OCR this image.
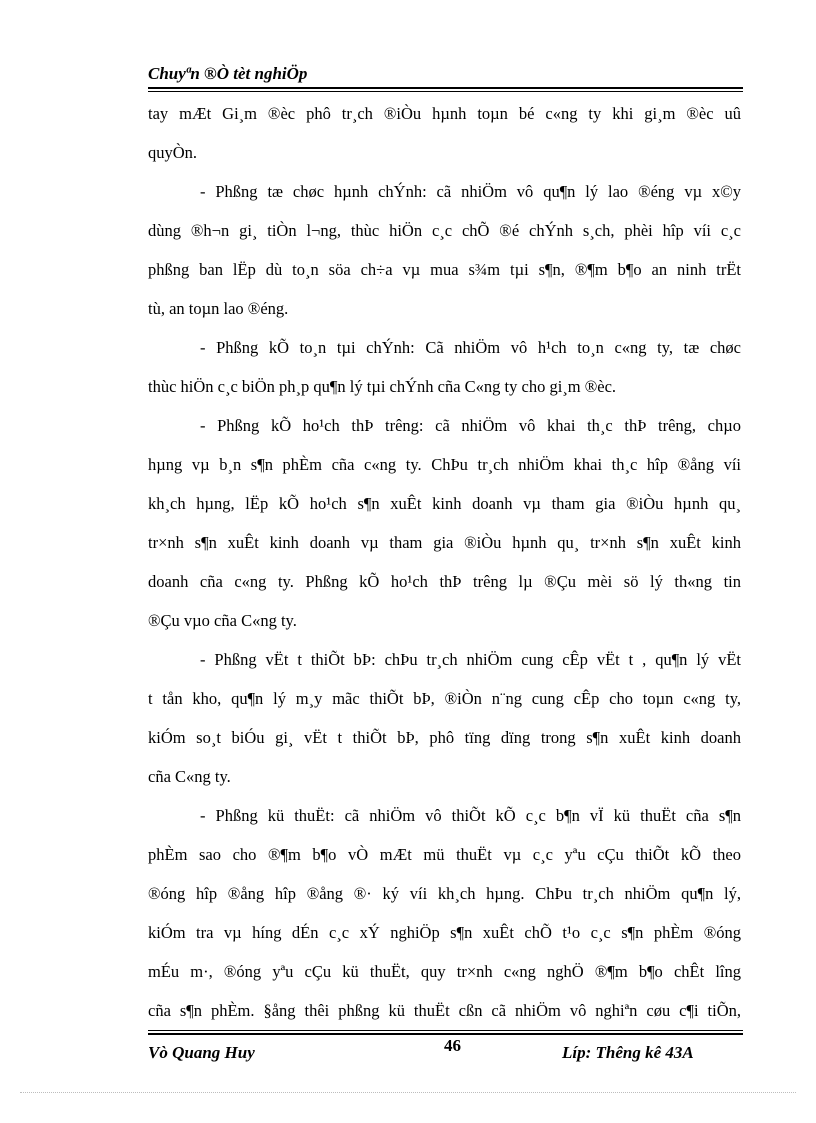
Chuyªn ®Ò tèt nghiÖp
tay mÆt Gi¸m ®èc phô tr¸ch ®iÒu hµnh toµn bé c«ng ty khi gi¸m ®èc uû
quyÒn.
- Phßng tæ chøc hµnh chÝnh: cã nhiÖm vô qu¶n lý lao ®éng vµ x©y
dùng ®h¬n gi¸ tiÒn l¬ng, thùc hiÖn c¸c chÕ ®é chÝnh s¸ch, phèi hîp víi c¸c
phßng ban lËp dù to¸n söa ch÷a vµ mua s¾m tµi s¶n, ®¶m b¶o an ninh trËt
tù, an toµn lao ®éng.
- Phßng kÕ to¸n tµi chÝnh: Cã nhiÖm vô h¹ch to¸n c«ng ty, tæ chøc
thùc hiÖn c¸c biÖn ph¸p qu¶n lý tµi chÝnh cña C«ng ty cho gi¸m ®èc.
- Phßng kÕ ho¹ch thÞ trêng: cã nhiÖm vô khai th¸c thÞ trêng, chµo
hµng vµ b¸n s¶n phÈm cña c«ng ty. ChÞu tr¸ch nhiÖm khai th¸c hîp ®ång víi
kh¸ch hµng, lËp kÕ ho¹ch s¶n xuÊt kinh doanh vµ tham gia ®iÒu hµnh qu¸
tr×nh s¶n xuÊt kinh doanh vµ tham gia ®iÒu hµnh qu¸ tr×nh s¶n xuÊt kinh
doanh cña c«ng ty. Phßng kÕ ho¹ch thÞ trêng lµ ®Çu mèi sö lý th«ng tin
®Çu vµo cña C«ng ty.
- Phßng vËt t thiÕt bÞ: chÞu tr¸ch nhiÖm cung cÊp vËt t , qu¶n lý vËt
t tån kho, qu¶n lý m¸y mãc thiÕt bÞ, ®iÒn n¨ng cung cÊp cho toµn c«ng ty,
kiÓm so¸t biÓu gi¸ vËt t thiÕt bÞ, phô tïng dïng trong s¶n xuÊt kinh doanh
cña C«ng ty.
- Phßng kü thuËt: cã nhiÖm vô thiÕt kÕ c¸c b¶n vÏ kü thuËt cña s¶n
phÈm sao cho ®¶m b¶o vÒ mÆt mü thuËt vµ c¸c yªu cÇu thiÕt kÕ theo
®óng hîp ®ång hîp ®ång ®· ký víi kh¸ch hµng. ChÞu tr¸ch nhiÖm qu¶n lý,
kiÓm tra vµ híng dÉn c¸c xÝ nghiÖp s¶n xuÊt chÕ t¹o c¸c s¶n phÈm ®óng
mÉu m·, ®óng yªu cÇu kü thuËt, quy tr×nh c«ng nghÖ ®¶m b¶o chÊt lîng
cña s¶n phÈm. §ång thêi phßng kü thuËt cßn cã nhiÖm vô nghiªn cøu c¶i tiÕn,
Vò Quang Huy	46	Líp: Thêng kê 43A
